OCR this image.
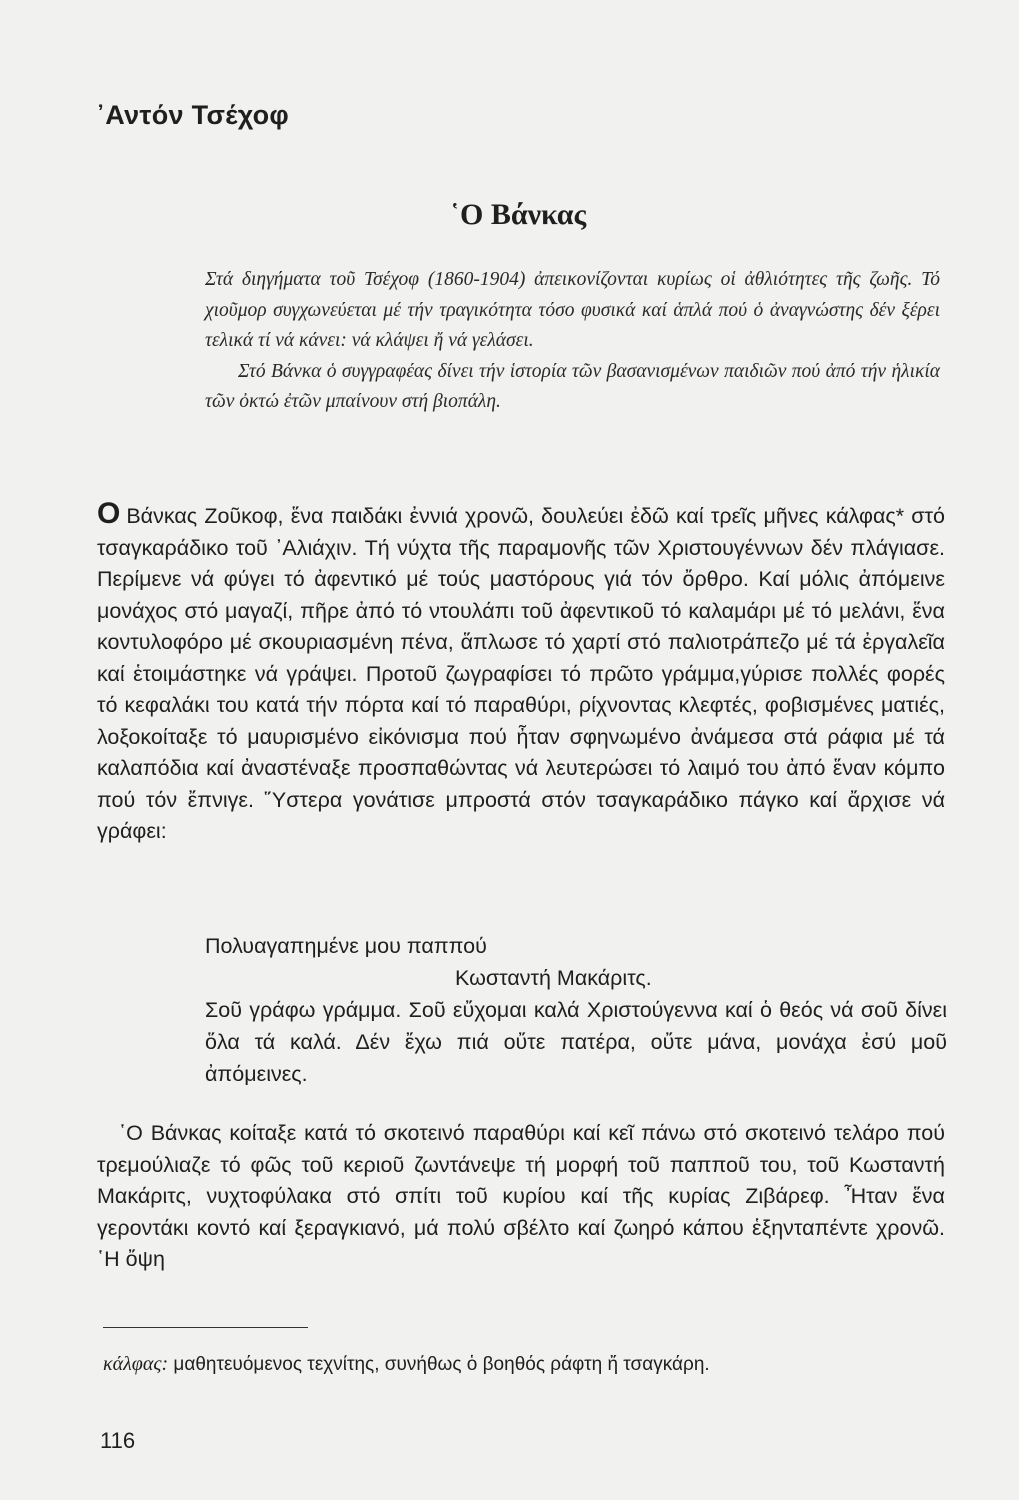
᾿Αντόν Τσέχοφ
῾Ο Βάνκας

Στά διηγήματα τοῦ Τσέχοφ (1860-1904) ἀπεικονίζονται κυρίως οἱ ἀθλιότητες τῆς ζωῆς. Τό χιοῦμορ συγχωνεύεται μέ τήν τραγικότητα τόσο φυσικά καί ἁπλά πού ὁ ἀναγνώστης δέν ξέρει τελικά τί νά κάνει: νά κλάψει ἤ νά γελάσει.

Στό Βάνκα ὁ συγγραφέας δίνει τήν ἱστορία τῶν βασανισμένων παιδιῶν πού ἀπό τήν ἡλικία τῶν ὀκτώ ἐτῶν μπαίνουν στή βιοπάλη.

Ο Βάνκας Ζοῦκοφ, ἕνα παιδάκι ἐννιά χρονῶ, δουλεύει ἐδῶ καί τρεῖς μῆνες κάλφας* στό τσαγκαράδικο τοῦ ᾿Αλιάχιν. Τή νύχτα τῆς παραμονῆς τῶν Χριστουγέννων δέν πλάγιασε. Περίμενε νά φύγει τό ἀφεντικό μέ τούς μαστόρους γιά τόν ὄρθρο. Καί μόλις ἀπόμεινε μονάχος στό μαγαζί, πῆρε ἀπό τό ντουλάπι τοῦ ἀφεντικοῦ τό καλαμάρι μέ τό μελάνι, ἕνα κοντυλοφόρο μέ σκουριασμένη πένα, ἅπλωσε τό χαρτί στό παλιοτράπεζο μέ τά ἐργαλεῖα καί ἑτοιμάστηκε νά γράψει. Προτοῦ ζωγραφίσει τό πρῶτο γράμμα,γύρισε πολλές φορές τό κεφαλάκι του κατά τήν πόρτα καί τό παραθύρι, ρίχνοντας κλεφτές, φοβισμένες ματιές, λοξοκοίταξε τό μαυρισμένο εἰκόνισμα πού ἦταν σφηνωμένο ἀνάμεσα στά ράφια μέ τά καλαπόδια καί ἀναστέναξε προσπαθώντας νά λευτερώσει τό λαιμό του ἀπό ἕναν κόμπο πού τόν ἔπνιγε. Ὕστερα γονάτισε μπροστά στόν τσαγκαράδικο πάγκο καί ἄρχισε νά γράφει:

Πολυαγαπημένε μου παππού
Κωσταντή Μακάριτς.
Σοῦ γράφω γράμμα. Σοῦ εὔχομαι καλά Χριστούγεννα καί ὁ θεός νά σοῦ δίνει ὅλα τά καλά. Δέν ἔχω πιά οὔτε πατέρα, οὔτε μάνα, μονάχα ἐσύ μοῦ ἀπόμεινες.

῾Ο Βάνκας κοίταξε κατά τό σκοτεινό παραθύρι καί κεῖ πάνω στό σκοτεινό τελάρο πού τρεμούλιαζε τό φῶς τοῦ κεριοῦ ζωντάνεψε τή μορφή τοῦ παπποῦ του, τοῦ Κωσταντή Μακάριτς, νυχτοφύλακα στό σπίτι τοῦ κυρίου καί τῆς κυρίας Ζιβάρεφ. Ἦταν ἕνα γεροντάκι κοντό καί ξεραγκιανό, μά πολύ σβέλτο καί ζωηρό κάπου ἑξηνταπέντε χρονῶ. ῾Η ὄψη

κάλφας: μαθητευόμενος τεχνίτης, συνήθως ὁ βοηθός ράφτη ἤ τσαγκάρη.
116
